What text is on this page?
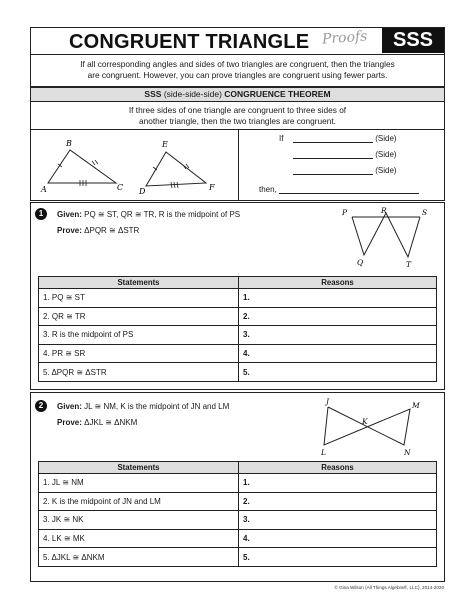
CONGRUENT TRIANGLE Proofs	SSS
If all corresponding angles and sides of two triangles are congruent, then the triangles
are congruent. However, you can prove triangles are congruent using fewer parts.
SSS (side-side-side) CONGRUENCE THEOREM
If three sides of one triangle are congruent to three sides of
another triangle, then the two triangles are congruent.
B
A	C
E
D	F
If	(Side)
(Side)
(Side)
then,
1	Given: PQ ≅ ST, QR ≅ TR, R is the midpoint of PS
Prove: ΔPQR ≅ ΔSTR
P	R	S
Q	T
Statements	Reasons
1. PQ ≅ ST	1.
2. QR ≅ TR	2.
3. R is the midpoint of PS	3.
4. PR ≅ SR	4.
5. ΔPQR ≅ ΔSTR	5.
2	Given: JL ≅ NM, K is the midpoint of JN and LM
Prove: ΔJKL ≅ ΔNKM
J	M
K
L	N
Statements	Reasons
1. JL ≅ NM	1.
2. K is the midpoint of JN and LM	2.
3. JK ≅ NK	3.
4. LK ≅ MK	4.
5. ΔJKL ≅ ΔNKM	5.
© Gina Wilson (All Things Algebra®, LLC), 2014-2020
